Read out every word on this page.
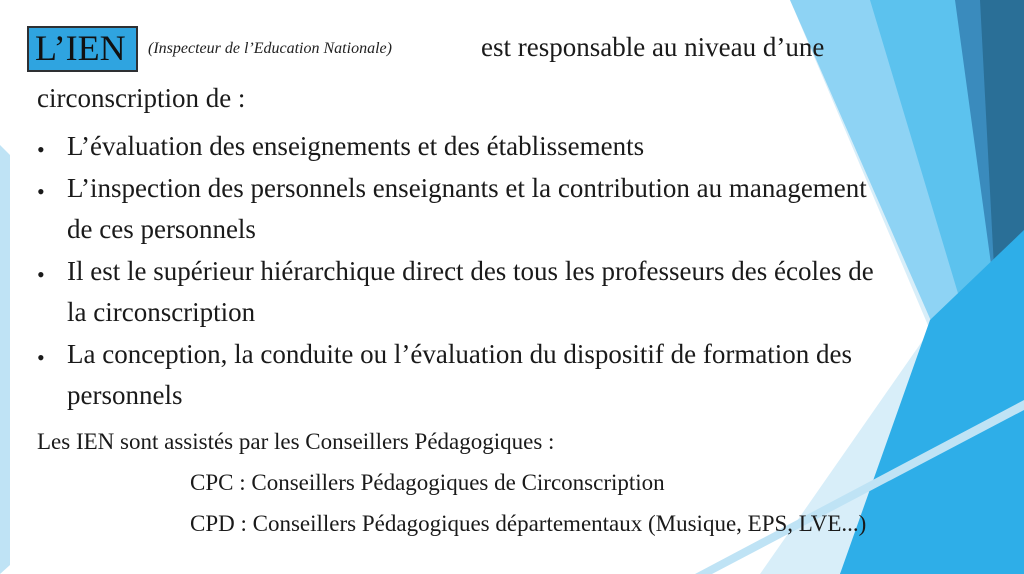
L’IEN	(Inspecteur de l’Education Nationale)	est responsable au niveau d’une
circonscription de :
• L’évaluation des enseignements et des établissements
• L’inspection des personnels enseignants et la contribution au management
de ces personnels
• Il est le supérieur hiérarchique direct des tous les professeurs des écoles de
la circonscription
• La conception, la conduite ou l’évaluation du dispositif de formation des
personnels
Les IEN sont assistés par les Conseillers Pédagogiques :
CPC : Conseillers Pédagogiques de Circonscription
CPD : Conseillers Pédagogiques départementaux (Musique, EPS, LVE...)
